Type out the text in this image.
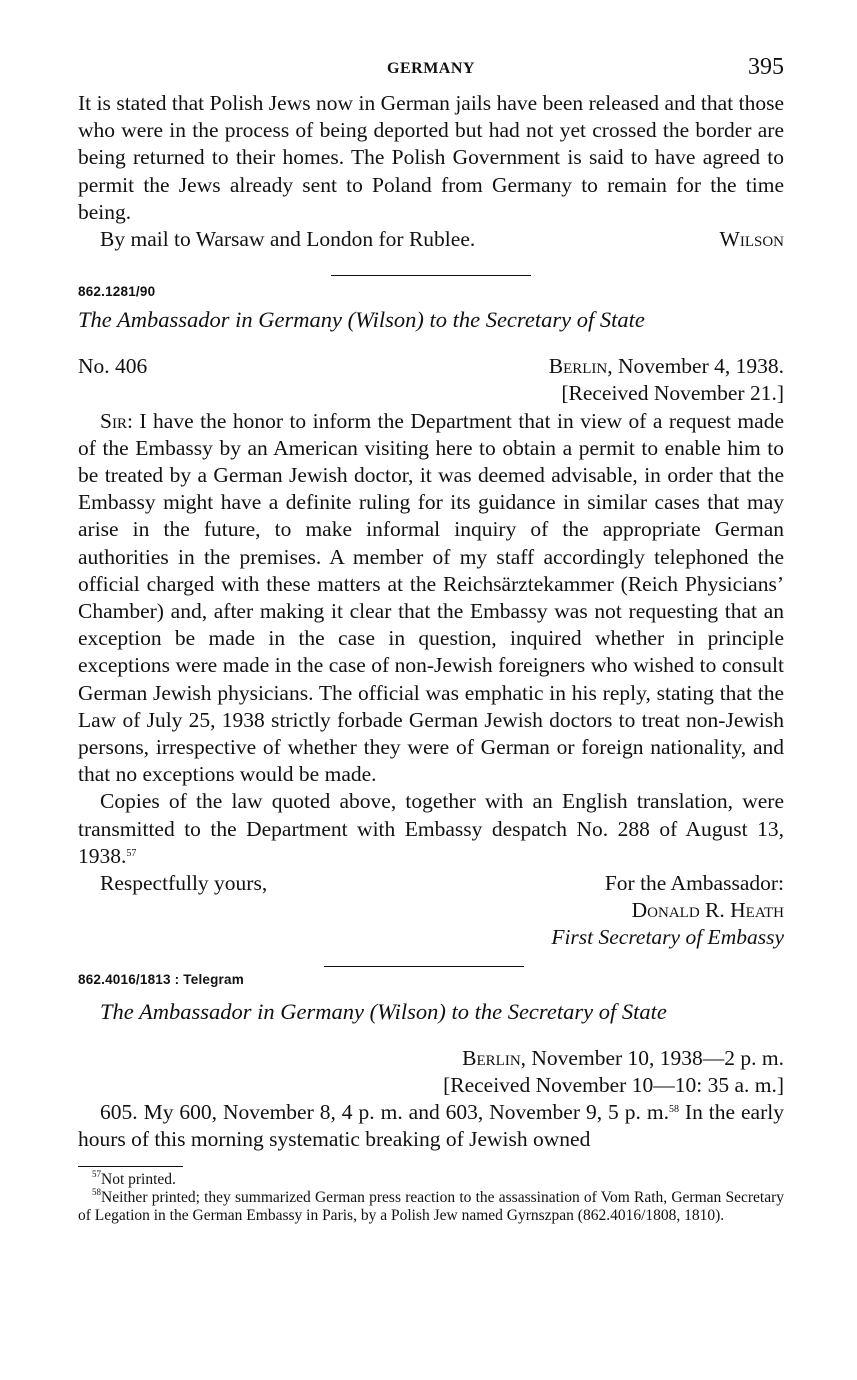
GERMANY	395

It is stated that Polish Jews now in German jails have been released and that those who were in the process of being deported but had not yet crossed the border are being returned to their homes. The Polish Government is said to have agreed to permit the Jews already sent to Poland from Germany to remain for the time being.

By mail to Warsaw and London for Rublee.	Wilson
862.1281/90
The Ambassador in Germany (Wilson) to the Secretary of State
No. 406	Berlin, November 4, 1938.
[Received November 21.]

Sir: I have the honor to inform the Department that in view of a request made of the Embassy by an American visiting here to obtain a permit to enable him to be treated by a German Jewish doctor, it was deemed advisable, in order that the Embassy might have a definite ruling for its guidance in similar cases that may arise in the future, to make informal inquiry of the appropriate German authorities in the premises. A member of my staff accordingly telephoned the official charged with these matters at the Reichsärztekammer (Reich Physicians’ Chamber) and, after making it clear that the Embassy was not requesting that an exception be made in the case in question, inquired whether in principle exceptions were made in the case of non-Jewish foreigners who wished to consult German Jewish physicians. The official was emphatic in his reply, stating that the Law of July 25, 1938 strictly forbade German Jewish doctors to treat non-Jewish persons, irrespective of whether they were of German or foreign nationality, and that no exceptions would be made.

Copies of the law quoted above, together with an English translation, were transmitted to the Department with Embassy despatch No. 288 of August 13, 1938.57

Respectfully yours,	For the Ambassador:
Donald R. Heath
First Secretary of Embassy
862.4016/1813 : Telegram
The Ambassador in Germany (Wilson) to the Secretary of State
Berlin, November 10, 1938—2 p. m.
[Received November 10—10: 35 a. m.]

605. My 600, November 8, 4 p. m. and 603, November 9, 5 p. m.$^{58}$ In the early hours of this morning systematic breaking of Jewish owned

$^{57}$Not printed.
$^{58}$Neither printed; they summarized German press reaction to the assassination of Vom Rath, German Secretary of Legation in the German Embassy in Paris, by a Polish Jew named Gyrnszpan (862.4016/1808, 1810).
